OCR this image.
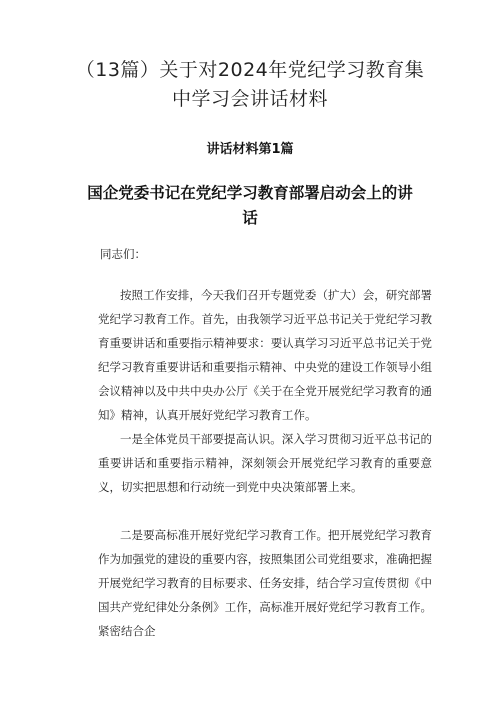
（13篇）关于对2024年党纪学习教育集中学习会讲话材料
讲话材料第1篇
国企党委书记在党纪学习教育部署启动会上的讲话

同志们：

按照工作安排，今天我们召开专题党委（扩大）会，研究部署党纪学习教育工作。首先，由我领学习近平总书记关于党纪学习教育重要讲话和重要指示精神要求：要认真学习习近平总书记关于党纪学习教育重要讲话和重要指示精神、中央党的建设工作领导小组会议精神以及中共中央办公厅《关于在全党开展党纪学习教育的通知》精神，认真开展好党纪学习教育工作。

一是全体党员干部要提高认识。深入学习贯彻习近平总书记的重要讲话和重要指示精神，深刻领会开展党纪学习教育的重要意义，切实把思想和行动统一到党中央决策部署上来。

二是要高标准开展好党纪学习教育工作。把开展党纪学习教育作为加强党的建设的重要内容，按照集团公司党组要求，准确把握开展党纪学习教育的目标要求、任务安排，结合学习宣传贯彻《中国共产党纪律处分条例》工作，高标准开展好党纪学习教育工作。紧密结合企
